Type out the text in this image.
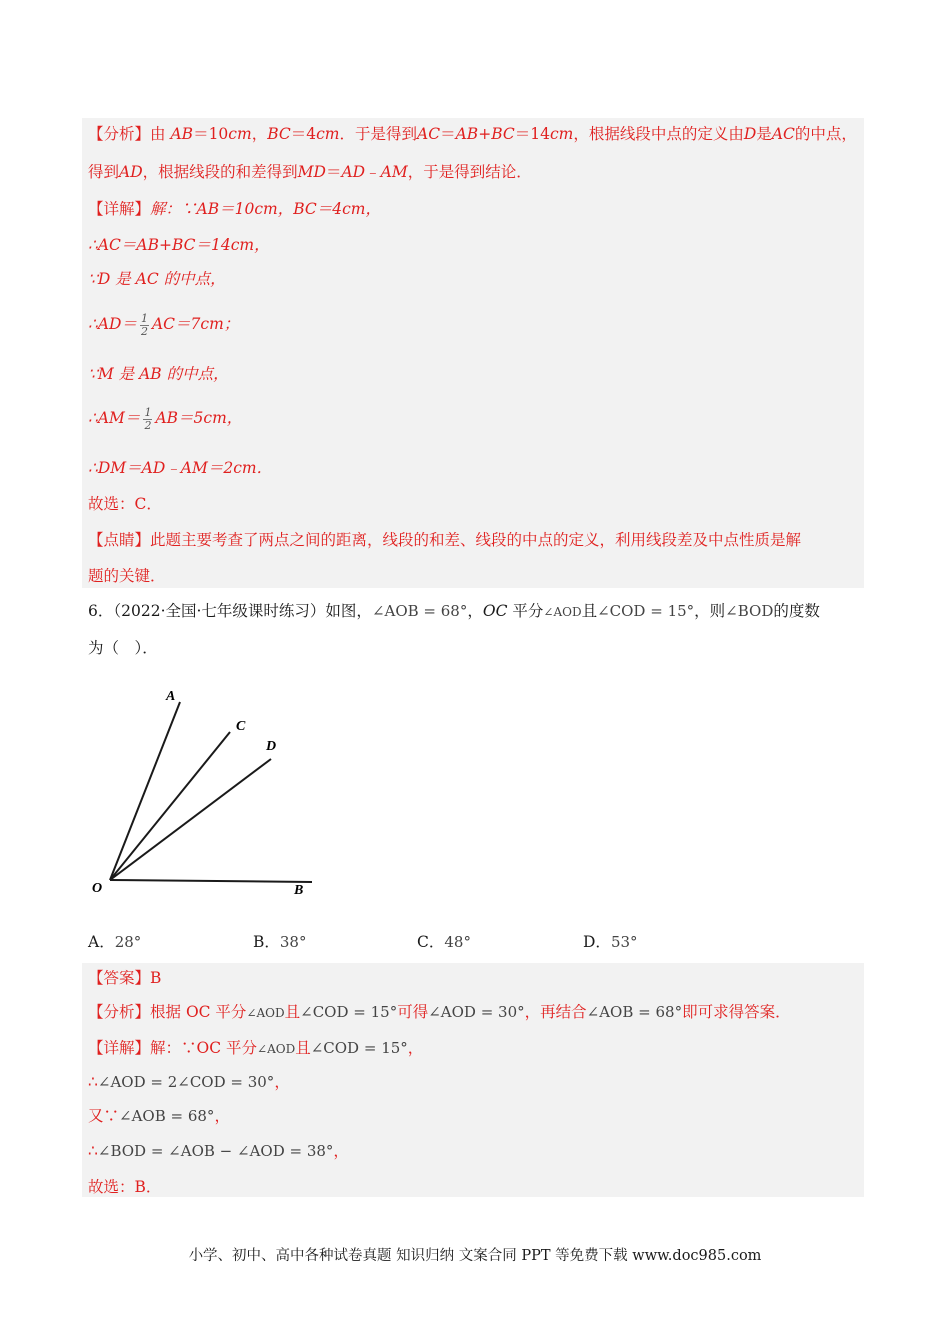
【分析】由 AB＝10cm，BC＝4cm．于是得到AC＝AB+BC＝14cm，根据线段中点的定义由D是AC的中点，
得到AD，根据线段的和差得到MD＝AD﹣AM，于是得到结论．
【详解】解：∵AB＝10cm，BC＝4cm，
∴AC＝AB+BC＝14cm，
∵D 是 AC 的中点，
∴AD＝ $\frac{1}{2} AC=7cm$；
∵M 是 AB 的中点，
∴AM＝ $\frac{1}{2} AB=5cm$，
∴DM＝AD﹣AM＝2cm．
故选：C．
【点睛】此题主要考查了两点之间的距离，线段的和差、线段的中点的定义，利用线段差及中点性质是解
题的关键．
6．（2022·全国·七年级课时练习）如图，∠AOB = 68°，OC 平分∠AOD且∠COD = 15°，则∠BOD的度数
为（　）．
A
C
D
O	B
A．28°	B．38°	C．48°	D．53°
【答案】B
【分析】根据 OC 平分∠AOD且∠COD = 15°可得∠AOD = 30°，再结合∠AOB = 68°即可求得答案．
【详解】解：∵OC 平分∠AOD且∠COD = 15°，
∴∠AOD = 2∠COD = 30°，
又∵∠AOB = 68°，
∴∠BOD = ∠AOB − ∠AOD = 38°，
故选：B．
小学、初中、高中各种试卷真题 知识归纳 文案合同 PPT 等免费下载 www.doc985.com
